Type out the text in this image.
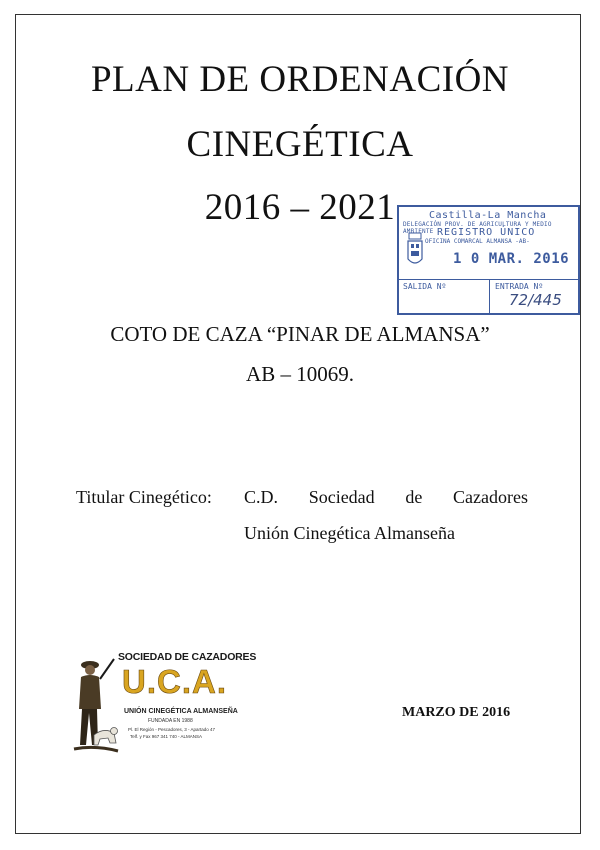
PLAN DE ORDENACIÓN
CINEGÉTICA
2016 – 2021	Castilla-La Mancha
DELEGACIÓN PROV. DE AGRICULTURA Y MEDIO AMBIENTE REGISTRO ÚNICO
OFICINA COMARCAL ALMANSA -AB-
1 0 MAR. 2016
SALIDA Nº	ENTRADA Nº
72/445
COTO DE CAZA “PINAR DE ALMANSA”
AB – 10069.
Titular Cinegético: C.D. Sociedad de Cazadores
Unión Cinegética Almanseña
SOCIEDAD DE CAZADORES
U.C.A.
UNIÓN CINEGÉTICA ALMANSEÑA
FUNDADA EN 1988
Pl. El Región - Pescadores, 3 - Apartado 47
Telf. y Fax 967 341 740 - ALMANSA
MARZO DE 2016
